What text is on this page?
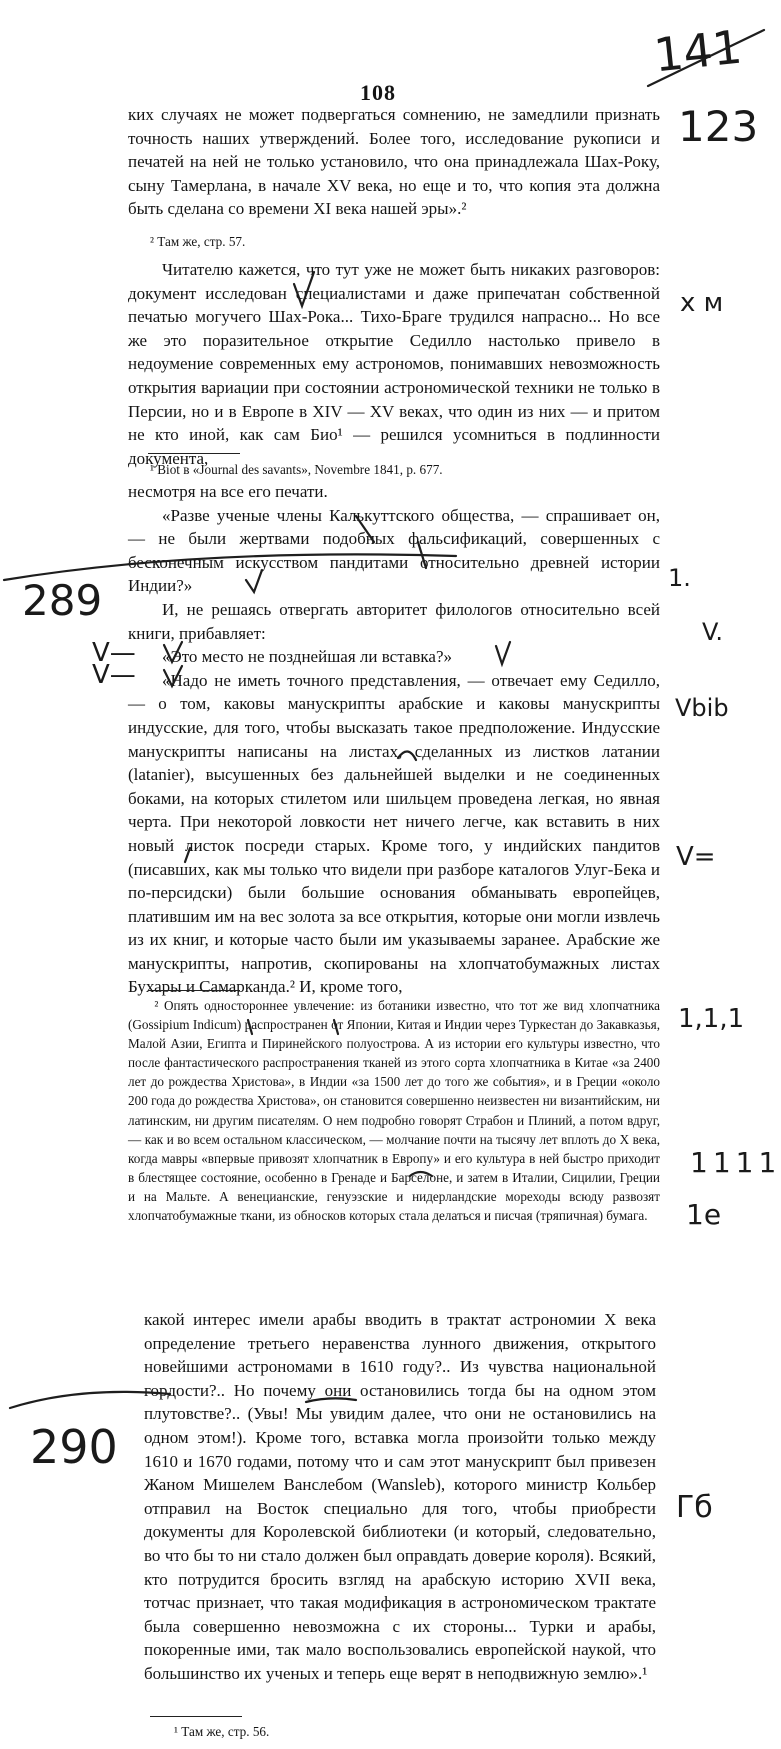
108

ких случаях не может подвергаться сомнению, не замедлили признать точность наших утверждений. Более того, исследование рукописи и печатей на ней не только установило, что она принадлежала Шах-Року, сыну Тамерлана, в начале XV века, но еще и то, что копия эта должна быть сделана со времени XI века нашей эры».²

² Там же, стр. 57.

Читателю кажется, что тут уже не может быть никаких разговоров: документ исследован специалистами и даже припечатан собственной печатью могучего Шах-Рока... Тихо-Браге трудился напрасно... Но все же это поразительное открытие Седилло настолько привело в недоумение современных ему астрономов, понимавших невозможность открытия вариации при состоянии астрономической техники не только в Персии, но и в Европе в XIV — XV веках, что один из них — и притом не кто иной, как сам Био¹ — решился усомниться в подлинности документа,

¹ Biot в «Journal des savants», Novembre 1841, p. 677.

несмотря на все его печати.

«Разве ученые члены Калькуттского общества, — спрашивает он, — не были жертвами подобных фальсификаций, совершенных с бесконечным искусством пандитами относительно древней истории Индии?»

И, не решаясь отвергать авторитет филологов относительно всей книги, прибавляет:

«Это место не позднейшая ли вставка?»

«Надо не иметь точного представления, — отвечает ему Седилло, — о том, каковы манускрипты арабские и каковы манускрипты индусские, для того, чтобы высказать такое предположение. Индусские манускрипты написаны на листах, сделанных из листков латании (latanier), высушенных без дальнейшей выделки и не соединенных боками, на которых стилетом или шильцем проведена легкая, но явная черта. При некоторой ловкости нет ничего легче, как вставить в них новый листок посреди старых. Кроме того, у индийских пандитов (писавших, как мы только что видели при разборе каталогов Улуг-Бека и по-персидски) были большие основания обманывать европейцев, платившим им на вес золота за все открытия, которые они могли извлечь из их книг, и которые часто были им указываемы заранее. Арабские же манускрипты, напротив, скопированы на хлопчатобумажных листах Бухары и Самарканда.² И, кроме того,

² Опять одностороннее увлечение: из ботаники известно, что тот же вид хлопчатника (Gossipium Indicum) распространен от Японии, Китая и Индии через Туркестан до Закавказья, Малой Азии, Египта и Пиринейского полуострова. А из истории его культуры известно, что после фантастического распространения тканей из этого сорта хлопчатника в Китае «за 2400 лет до рождества Христова», в Индии «за 1500 лет до того же события», и в Греции «около 200 года до рождества Христова», он становится совершенно неизвестен ни византийским, ни латинским, ни другим писателям. О нем подробно говорят Страбон и Плиний, а потом вдруг, — как и во всем остальном классическом, — молчание почти на тысячу лет вплоть до X века, когда мавры «впервые привозят хлопчатник в Европу» и его культура в ней быстро приходит в блестящее состояние, особенно в Гренаде и Барселоне, и затем в Италии, Сицилии, Греции и на Мальте. А венецианские, генуэзские и нидерландские мореходы всюду развозят хлопчатобумажные ткани, из обносков которых стала делаться и писчая (тряпичная) бумага.

какой интерес имели арабы вводить в трактат астрономии X века определение третьего неравенства лунного движения, открытого новейшими астрономами в 1610 году?.. Из чувства национальной гордости?.. Но почему они остановились тогда бы на одном этом плутовстве?.. (Увы! Мы увидим далее, что они не остановились на одном этом!). Кроме того, вставка могла произойти только между 1610 и 1670 годами, потому что и сам этот манускрипт был привезен Жаном Мишелем Ванслебом (Wansleb), которого министр Кольбер отправил на Восток специально для того, чтобы приобрести документы для Королевской библиотеки (и который, следовательно, во что бы то ни стало должен был оправдать доверие короля). Всякий, кто потрудится бросить взгляд на арабскую историю XVII века, тотчас признает, что такая модификация в астрономическом трактате была совершенно невозможна с их стороны... Турки и арабы, покоренные ими, так мало воспользовались европейской наукой, что большинство их ученых и теперь еще верят в неподвижную землю».¹

¹ Там же, стр. 56.
141
123
х м
289	1.
V.
Vbib
V=
1,1,1
1111
1e
290
Гб
V—
V—
